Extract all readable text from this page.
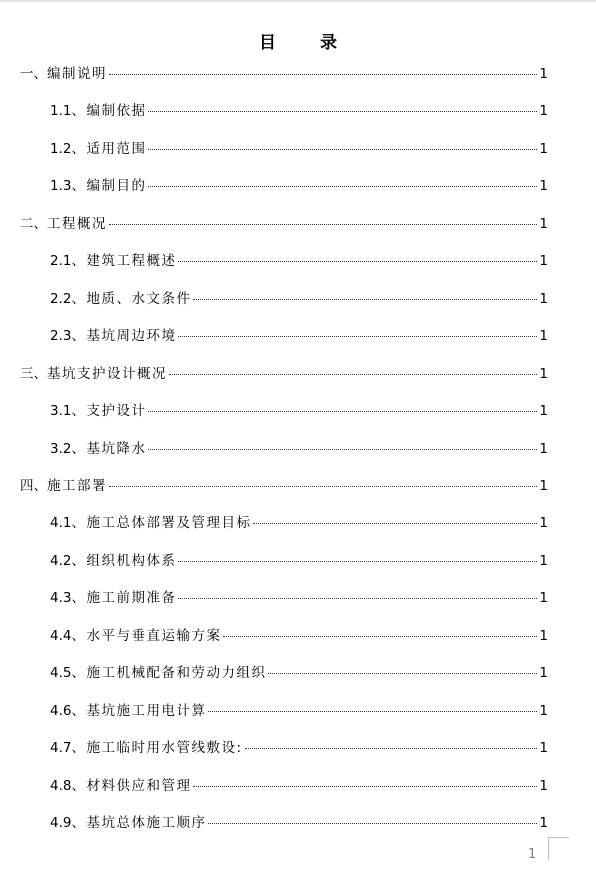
目	录
一、 编制说明	1
1.1 、编制依据	1
1.2 、适用范围	1
1.3 、编制目的	1
二、 工程概况	1
2.1 、建筑工程概述	1
2.2 、地质、水文条件	1
2.3 、基坑周边环境	1
三、 基坑支护设计概况	1
3.1 、支护设计	1
3.2 、基坑降水	1
四、 施工部署	1
4.1 、施工总体部署及管理目标	1
4.2 、组织机构体系	1
4.3 、施工前期准备	1
4.4 、水平与垂直运输方案	1
4.5 、施工机械配备和劳动力组织	1
4.6 、基坑施工用电计算	1
4.7 、施工临时用水管线敷设:	1
4.8 、材料供应和管理	1
4.9 、基坑总体施工顺序	1
1
